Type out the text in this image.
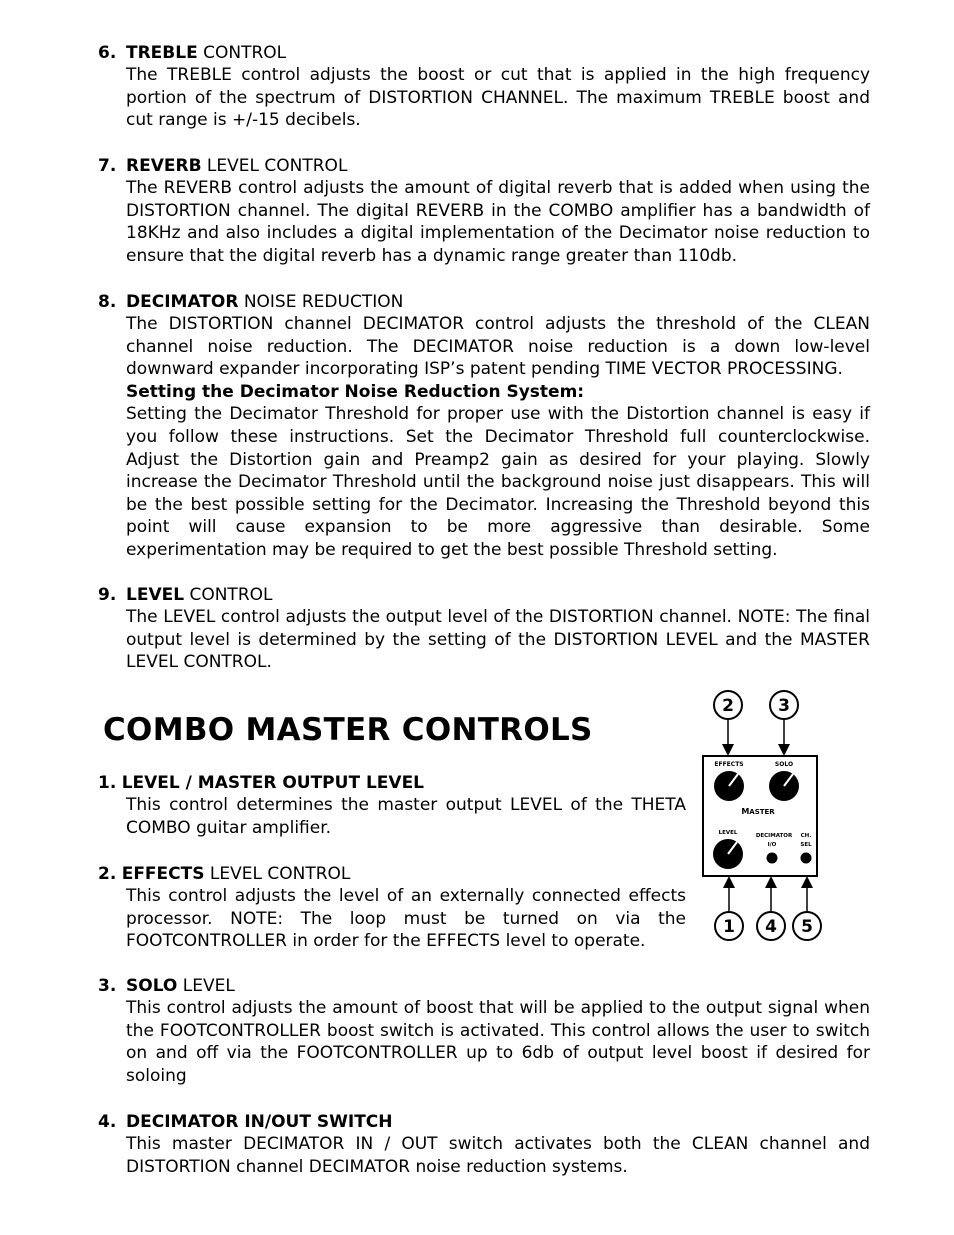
6. TREBLE CONTROL

The TREBLE control adjusts the boost or cut that is applied in the high frequency portion of the spectrum of DISTORTION CHANNEL. The maximum TREBLE boost and cut range is +/-15 decibels.

7. REVERB LEVEL CONTROL

The REVERB control adjusts the amount of digital reverb that is added when using the DISTORTION channel. The digital REVERB in the COMBO amplifier has a bandwidth of 18KHz and also includes a digital implementation of the Decimator noise reduction to ensure that the digital reverb has a dynamic range greater than 110db.

8. DECIMATOR NOISE REDUCTION

The DISTORTION channel DECIMATOR control adjusts the threshold of the CLEAN channel noise reduction. The DECIMATOR noise reduction is a down low-level downward expander incorporating ISP’s patent pending TIME VECTOR PROCESSING.

Setting the Decimator Noise Reduction System:

Setting the Decimator Threshold for proper use with the Distortion channel is easy if you follow these instructions. Set the Decimator Threshold full counterclockwise. Adjust the Distortion gain and Preamp2 gain as desired for your playing. Slowly increase the Decimator Threshold until the background noise just disappears. This will be the best possible setting for the Decimator. Increasing the Threshold beyond this point will cause expansion to be more aggressive than desirable. Some experimentation may be required to get the best possible Threshold setting.

9. LEVEL CONTROL

The LEVEL control adjusts the output level of the DISTORTION channel. NOTE: The final output level is determined by the setting of the DISTORTION LEVEL and the MASTER LEVEL CONTROL.

COMBO MASTER CONTROLS
1. LEVEL / MASTER OUTPUT LEVEL

This control determines the master output LEVEL of the THETA COMBO guitar amplifier.

2. EFFECTS LEVEL CONTROL

This control adjusts the level of an externally connected effects processor. NOTE: The loop must be turned on via the FOOTCONTROLLER in order for the EFFECTS level to operate.

3. SOLO LEVEL

This control adjusts the amount of boost that will be applied to the output signal when the FOOTCONTROLLER boost switch is activated. This control allows the user to switch on and off via the FOOTCONTROLLER up to 6db of output level boost if desired for soloing

4. DECIMATOR IN/OUT SWITCH

This master DECIMATOR IN / OUT switch activates both the CLEAN channel and DISTORTION channel DECIMATOR noise reduction systems.

2	3
EFFECTS	SOLO
MASTER
LEVEL	DECIMATOR
I/O
CH.
SEL
1 4 5
